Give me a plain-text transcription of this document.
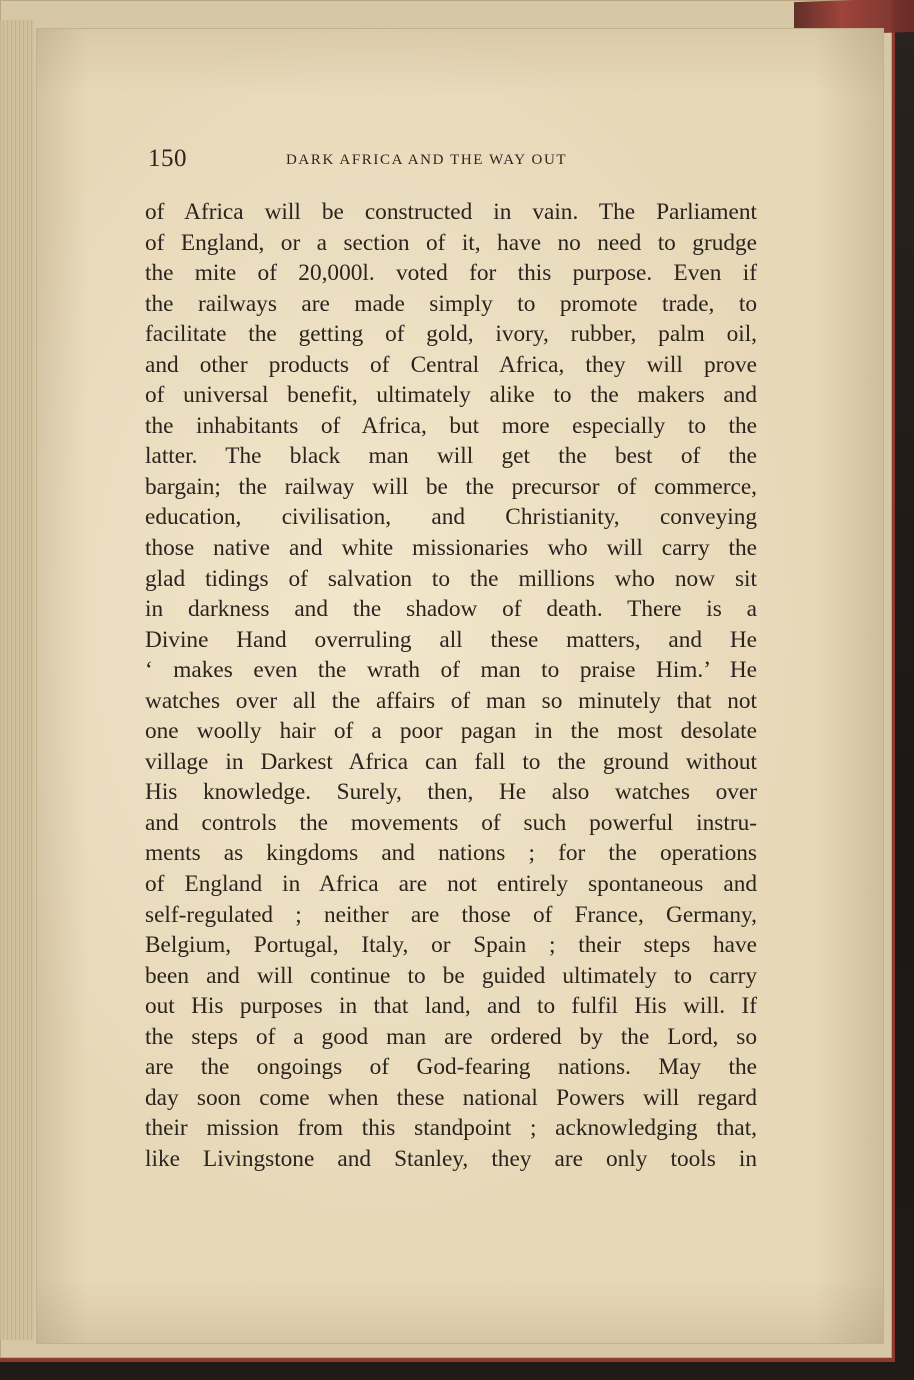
150	DARK AFRICA AND THE WAY OUT
of Africa will be constructed in vain. The Parliament
of England, or a section of it, have no need to grudge
the mite of 20,000l. voted for this purpose. Even if
the railways are made simply to promote trade, to
facilitate the getting of gold, ivory, rubber, palm oil,
and other products of Central Africa, they will prove
of universal benefit, ultimately alike to the makers and
the inhabitants of Africa, but more especially to the
latter. The black man will get the best of the
bargain; the railway will be the precursor of commerce,
education, civilisation, and Christianity, conveying
those native and white missionaries who will carry the
glad tidings of salvation to the millions who now sit
in darkness and the shadow of death. There is a
Divine Hand overruling all these matters, and He
‘ makes even the wrath of man to praise Him.’ He
watches over all the affairs of man so minutely that not
one woolly hair of a poor pagan in the most desolate
village in Darkest Africa can fall to the ground without
His knowledge. Surely, then, He also watches over
and controls the movements of such powerful instru-
ments as kingdoms and nations ; for the operations
of England in Africa are not entirely spontaneous and
self-regulated ; neither are those of France, Germany,
Belgium, Portugal, Italy, or Spain ; their steps have
been and will continue to be guided ultimately to carry
out His purposes in that land, and to fulfil His will. If
the steps of a good man are ordered by the Lord, so
are the ongoings of God-fearing nations. May the
day soon come when these national Powers will regard
their mission from this standpoint ; acknowledging that,
like Livingstone and Stanley, they are only tools in
